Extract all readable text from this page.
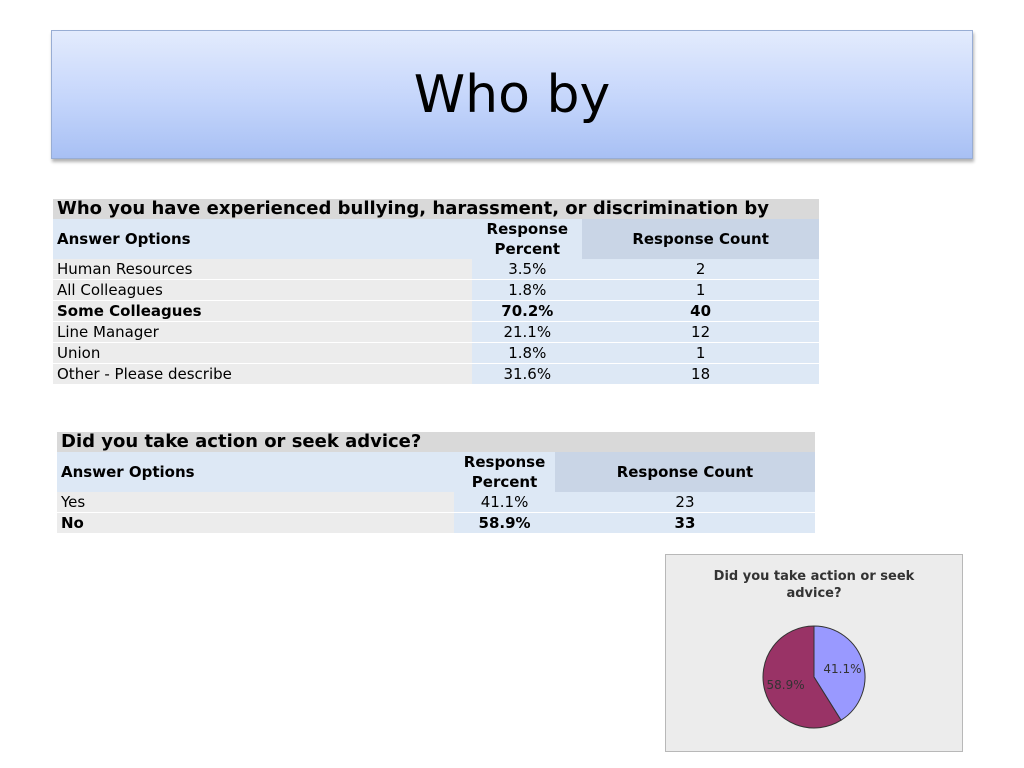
Who by
Who you have experienced bullying, harassment, or discrimination by		
Answer Options	Response Percent	Response Count
Human Resources	3.5%	2
All Colleagues	1.8%	1
Some Colleagues	70.2%	40
Line Manager	21.1%	12
Union	1.8%	1
Other - Please describe	31.6%	18
Did you take action or seek advice?		
Answer Options	Response Percent	Response Count
Yes	41.1%	23
No	58.9%	33
Did you take action or seek advice?
41.1%
58.9%
